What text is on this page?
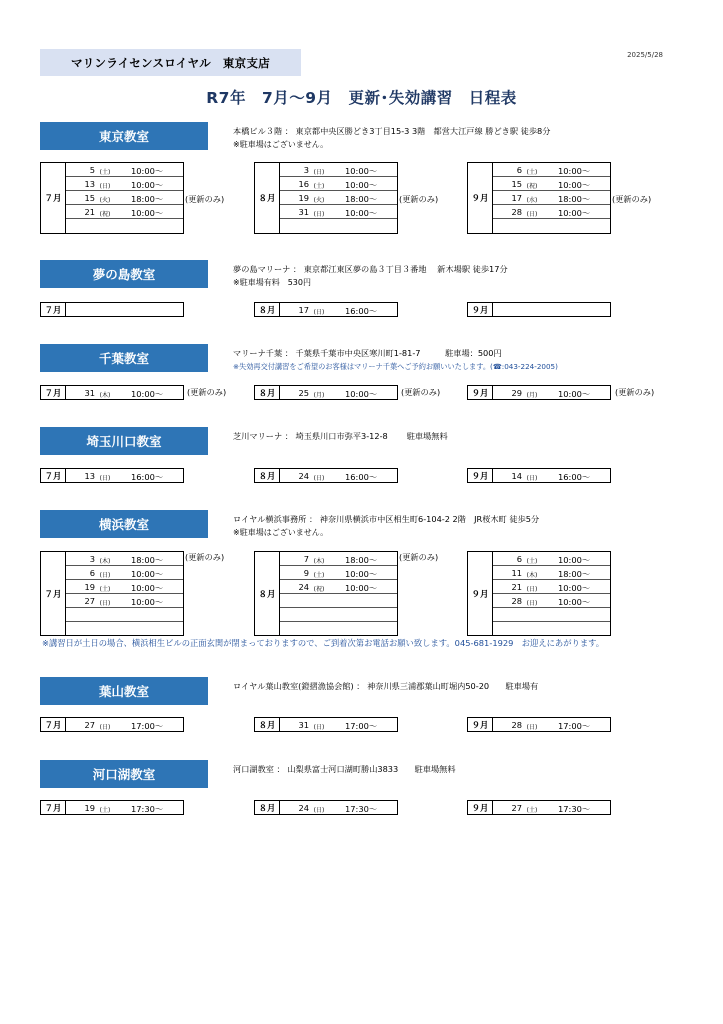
マリンライセンスロイヤル　東京支店
2025/5/28
R7年　7月～9月　更新･失効講習　日程表
東京教室	本橋ビル３階 ： 東京都中央区勝どき3丁目15-3 3階　都営大江戸線 勝どき駅 徒歩8分
※駐車場はございません。
７月
5 (土) 10:00～
13 (日) 10:00～
15 (火) 18:00～
21 (祝) 10:00～
(更新のみ)	８月
3 (日) 10:00～
16 (土) 10:00～
19 (火) 18:00～
31 (日) 10:00～
(更新のみ)	９月
6 (土) 10:00～
15 (祝) 10:00～
17 (水) 18:00～
28 (日) 10:00～
(更新のみ)
夢の島教室	夢の島マリーナ ： 東京都江東区夢の島３丁目３番地　 新木場駅 徒歩17分
※駐車場有料　530円
７月	８月	17 (日) 16:00～	９月
千葉教室	マリーナ千葉 ： 千葉県千葉市中央区寒川町1-81-7　　　駐車場：500円
※失効再交付講習をご希望のお客様はマリーナ千葉へご予約お願いいたします。(☎:043-224-2005)
７月	31 (木) 10:00～	(更新のみ)	８月	25 (月) 10:00～	(更新のみ)	９月	29 (月) 10:00～	(更新のみ)
埼玉川口教室	芝川マリーナ ： 埼玉県川口市弥平3-12-8　　 駐車場無料
７月	13 (日) 16:00～	８月	24 (日) 16:00～	９月	14 (日) 16:00～
横浜教室	ロイヤル横浜事務所 ： 神奈川県横浜市中区相生町6-104-2 2階　JR桜木町 徒歩5分
※駐車場はございません。
７月
3 (木) 18:00～
6 (日) 10:00～
19 (土) 10:00～
27 (日) 10:00～
(更新のみ)
８月
7 (木) 18:00～
9 (土) 10:00～
24 (祝) 10:00～
(更新のみ)
９月
6 (土) 10:00～
11 (木) 18:00～
21 (日) 10:00～
28 (日) 10:00～
※講習日が土日の場合、横浜相生ビルの正面玄関が閉まっておりますので、ご到着次第お電話お願い致します。045-681-1929　お迎えにあがります。
葉山教室	ロイヤル葉山教室(鐙摺漁協会館) ： 神奈川県三浦郡葉山町堀内50-20　　駐車場有
７月	27 (日) 17:00～	８月	31 (日) 17:00～	９月	28 (日) 17:00～
河口湖教室	河口湖教室 ： 山梨県富士河口湖町勝山3833　　駐車場無料
７月	19 (土) 17:30～	８月	24 (日) 17:30～	９月	27 (土) 17:30～
